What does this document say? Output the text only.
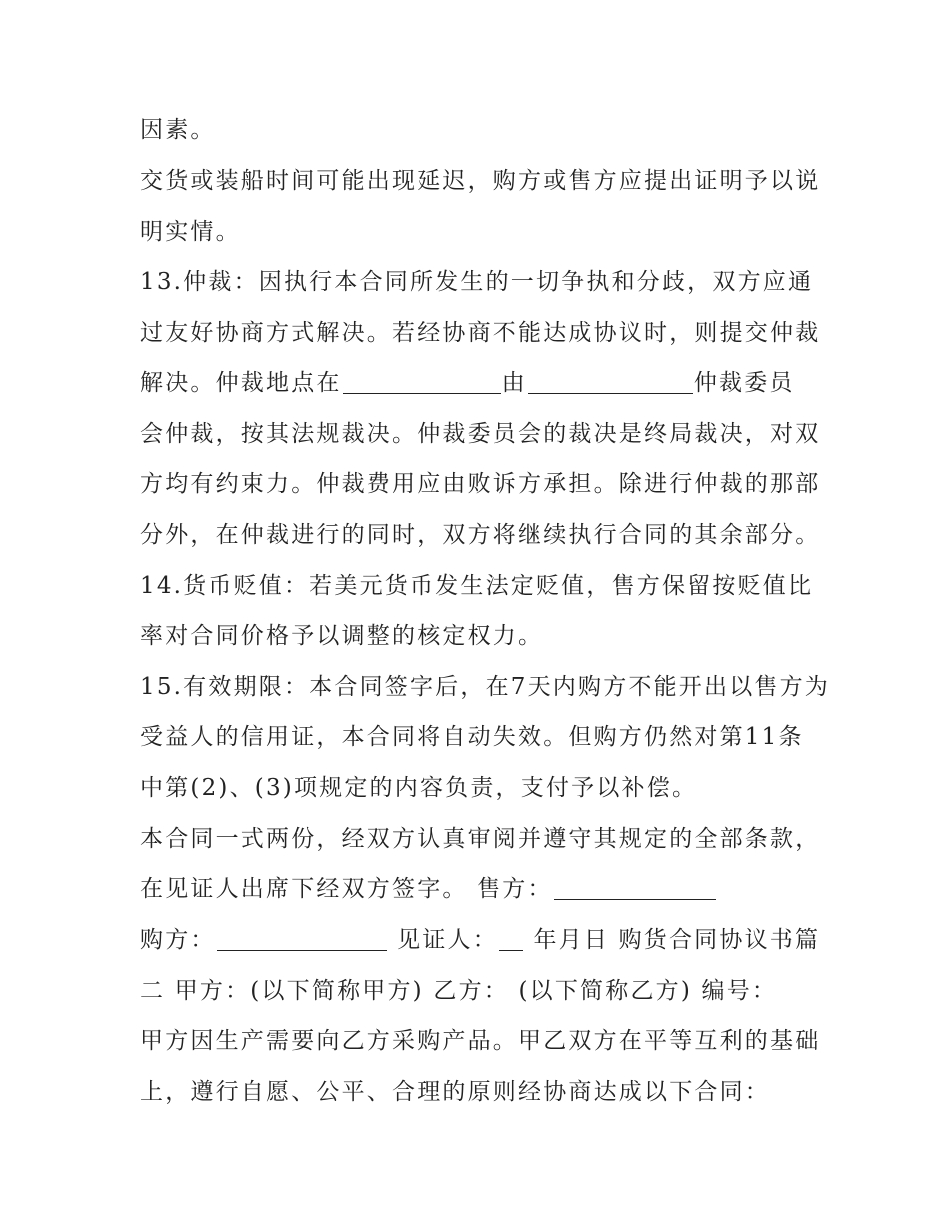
因素。
交货或装船时间可能出现延迟，购方或售方应提出证明予以说
明实情。
13.仲裁：因执行本合同所发生的一切争执和分歧，双方应通
过友好协商方式解决。若经协商不能达成协议时，则提交仲裁
解决。仲裁地点在	由	仲裁委员
会仲裁，按其法规裁决。仲裁委员会的裁决是终局裁决，对双
方均有约束力。仲裁费用应由败诉方承担。除进行仲裁的那部
分外，在仲裁进行的同时，双方将继续执行合同的其余部分。
14.货币贬值：若美元货币发生法定贬值，售方保留按贬值比
率对合同价格予以调整的核定权力。
15.有效期限：本合同签字后，在7天内购方不能开出以售方为
受益人的信用证，本合同将自动失效。但购方仍然对第11条
中第(2)、(3)项规定的内容负责，支付予以补偿。
本合同一式两份，经双方认真审阅并遵守其规定的全部条款，
在见证人出席下经双方签字。 售方：
购方：	见证人： 年月日 购货合同协议书篇
二 甲方：(以下简称甲方) 乙方： (以下简称乙方) 编号：
甲方因生产需要向乙方采购产品。甲乙双方在平等互利的基础
上，遵行自愿、公平、合理的原则经协商达成以下合同：
